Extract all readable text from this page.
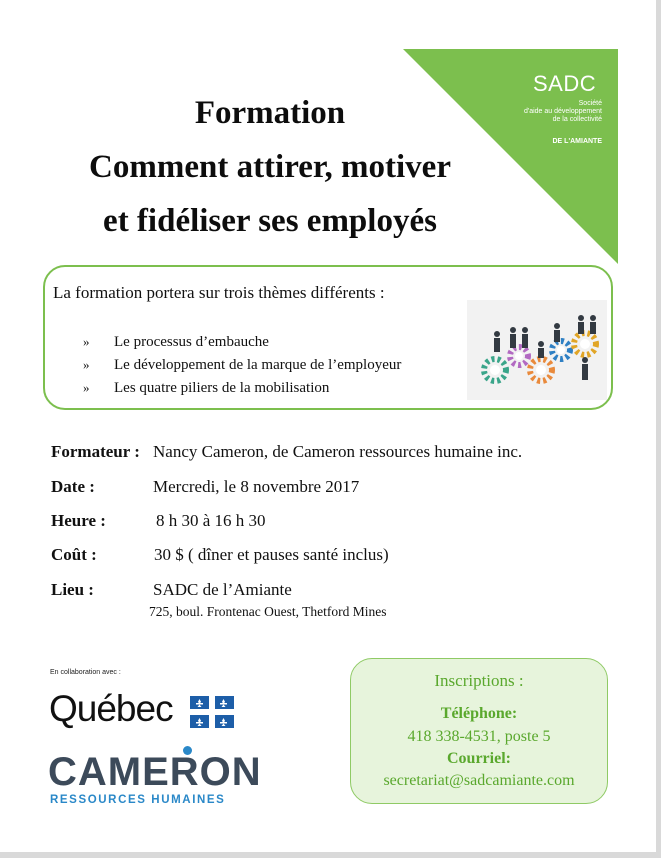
SADC
Société
d'aide au développement
de la collectivité
DE L'AMIANTE
Formation
Comment attirer, motiver
et fidéliser ses employés
La formation portera sur trois thèmes différents :
» Le processus d’embauche
» Le développement de la marque de l’employeur
» Les quatre piliers de la mobilisation
Formateur : Nancy Cameron, de Cameron ressources humaine inc.
Date :	Mercredi, le 8 novembre 2017
Heure :	8 h 30 à 16 h 30
Coût :	30 $ ( dîner et pauses santé inclus)
Lieu :	SADC de l’Amiante
725, boul. Frontenac Ouest, Thetford Mines
En collaboration avec :
Québec
CAMERON
RESSOURCES HUMAINES
Inscriptions :
Téléphone:
418 338-4531, poste 5
Courriel:
secretariat@sadcamiante.com
